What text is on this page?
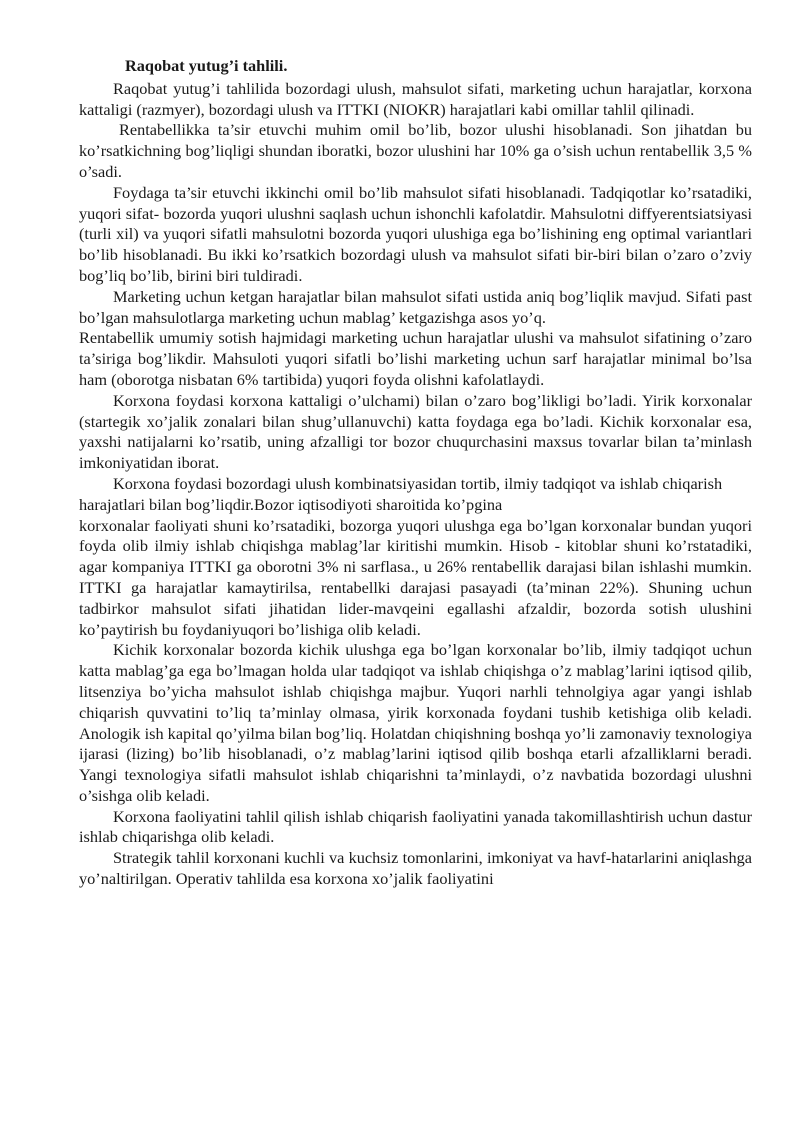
Raqobat yutug’i tahlili.

Raqobat yutug’i tahlilida bozordagi ulush, mahsulot sifati, marketing uchun harajatlar, korxona kattaligi (razmyer), bozordagi ulush va ITTKI (NIOKR) harajatlari kabi omillar tahlil qilinadi.

Rentabellikka ta’sir etuvchi muhim omil bo’lib, bozor ulushi hisoblanadi. Son jihatdan bu ko’rsatkichning bog’liqligi shundan iboratki, bozor ulushini har 10% ga o’sish uchun rentabellik 3,5 % o’sadi.

Foydaga ta’sir etuvchi ikkinchi omil bo’lib mahsulot sifati hisoblanadi. Tadqiqotlar ko’rsatadiki, yuqori sifat- bozorda yuqori ulushni saqlash uchun ishonchli kafolatdir. Mahsulotni diffyerentsiatsiyasi (turli xil) va yuqori sifatli mahsulotni bozorda yuqori ulushiga ega bo’lishining eng optimal variantlari bo’lib hisoblanadi. Bu ikki ko’rsatkich bozordagi ulush va mahsulot sifati bir-biri bilan o’zaro o’zviy bog’liq bo’lib, birini biri tuldiradi.

Marketing uchun ketgan harajatlar bilan mahsulot sifati ustida aniq bog’liqlik mavjud. Sifati past bo’lgan mahsulotlarga marketing uchun mablag’ ketgazishga asos yo’q.

Rentabellik umumiy sotish hajmidagi marketing uchun harajatlar ulushi va mahsulot sifatining o’zaro ta’siriga bog’likdir. Mahsuloti yuqori sifatli bo’lishi marketing uchun sarf harajatlar minimal bo’lsa ham (oborotga nisbatan 6% tartibida) yuqori foyda olishni kafolatlaydi.

Korxona foydasi korxona kattaligi o’ulchami) bilan o’zaro bog’likligi bo’ladi. Yirik korxonalar (startegik xo’jalik zonalari bilan shug’ullanuvchi) katta foydaga ega bo’ladi. Kichik korxonalar esa, yaxshi natijalarni ko’rsatib, uning afzalligi tor bozor chuqurchasini maxsus tovarlar bilan ta’minlash imkoniyatidan iborat.

Korxona foydasi bozordagi ulush kombinatsiyasidan tortib, ilmiy tadqiqot va ishlab chiqarish harajatlari bilan bog’liqdir.Bozor iqtisodiyoti sharoitida ko’pgina

korxonalar faoliyati shuni ko’rsatadiki, bozorga yuqori ulushga ega bo’lgan korxonalar bundan yuqori foyda olib ilmiy ishlab chiqishga mablag’lar kiritishi mumkin. Hisob - kitoblar shuni ko’rstatadiki, agar kompaniya ITTKI ga oborotni 3% ni sarflasa., u 26% rentabellik darajasi bilan ishlashi mumkin. ITTKI ga harajatlar kamaytirilsa, rentabellki darajasi pasayadi (ta’minan 22%). Shuning uchun tadbirkor mahsulot sifati jihatidan lider-mavqeini egallashi afzaldir, bozorda sotish ulushini ko’paytirish bu foydaniyuqori bo’lishiga olib keladi.

Kichik korxonalar bozorda kichik ulushga ega bo’lgan korxonalar bo’lib, ilmiy tadqiqot uchun katta mablag’ga ega bo’lmagan holda ular tadqiqot va ishlab chiqishga o’z mablag’larini iqtisod qilib, litsenziya bo’yicha mahsulot ishlab chiqishga majbur. Yuqori narhli tehnolgiya agar yangi ishlab chiqarish quvvatini to’liq ta’minlay olmasa, yirik korxonada foydani tushib ketishiga olib keladi. Anologik ish kapital qo’yilma bilan bog’liq. Holatdan chiqishning boshqa yo’li zamonaviy texnologiya ijarasi (lizing) bo’lib hisoblanadi, o’z mablag’larini iqtisod qilib boshqa etarli afzalliklarni beradi. Yangi texnologiya sifatli mahsulot ishlab chiqarishni ta’minlaydi, o’z navbatida bozordagi ulushni o’sishga olib keladi.

Korxona faoliyatini tahlil qilish ishlab chiqarish faoliyatini yanada takomillashtirish uchun dastur ishlab chiqarishga olib keladi.

Strategik tahlil korxonani kuchli va kuchsiz tomonlarini, imkoniyat va havf-hatarlarini aniqlashga yo’naltirilgan. Operativ tahlilda esa korxona xo’jalik faoliyatini
